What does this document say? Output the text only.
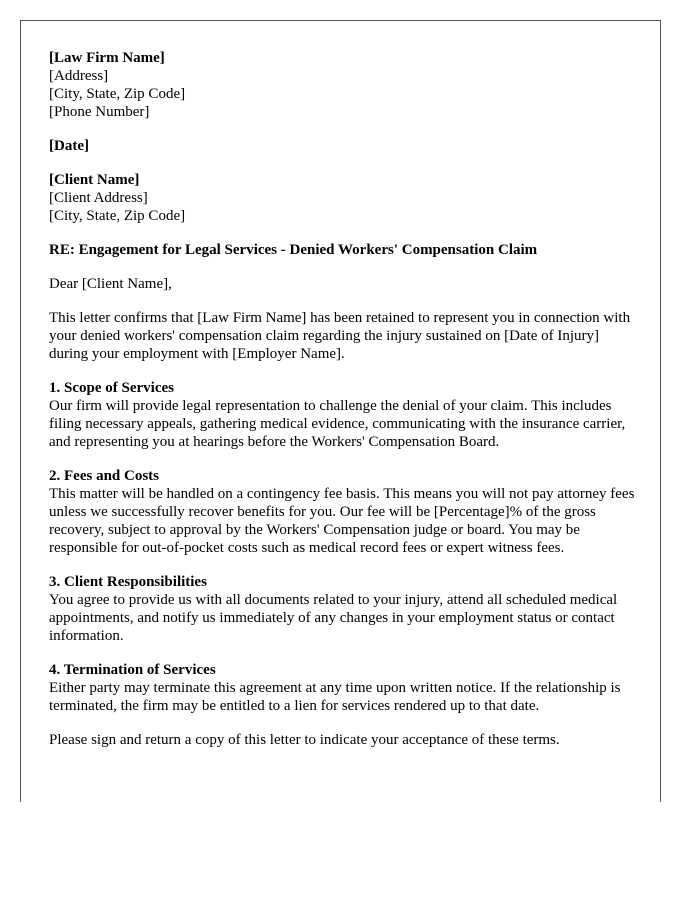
[Law Firm Name]
[Address]
[City, State, Zip Code]
[Phone Number]
[Date]
[Client Name]
[Client Address]
[City, State, Zip Code]

RE: Engagement for Legal Services - Denied Workers' Compensation Claim

Dear [Client Name],

This letter confirms that [Law Firm Name] has been retained to represent you in connection with your denied workers' compensation claim regarding the injury sustained on [Date of Injury] during your employment with [Employer Name].

1. Scope of Services
Our firm will provide legal representation to challenge the denial of your claim. This includes filing necessary appeals, gathering medical evidence, communicating with the insurance carrier, and representing you at hearings before the Workers' Compensation Board.
2. Fees and Costs
This matter will be handled on a contingency fee basis. This means you will not pay attorney fees unless we successfully recover benefits for you. Our fee will be [Percentage]% of the gross recovery, subject to approval by the Workers' Compensation judge or board. You may be responsible for out-of-pocket costs such as medical record fees or expert witness fees.
3. Client Responsibilities
You agree to provide us with all documents related to your injury, attend all scheduled medical appointments, and notify us immediately of any changes in your employment status or contact information.
4. Termination of Services
Either party may terminate this agreement at any time upon written notice. If the relationship is terminated, the firm may be entitled to a lien for services rendered up to that date.

Please sign and return a copy of this letter to indicate your acceptance of these terms.
